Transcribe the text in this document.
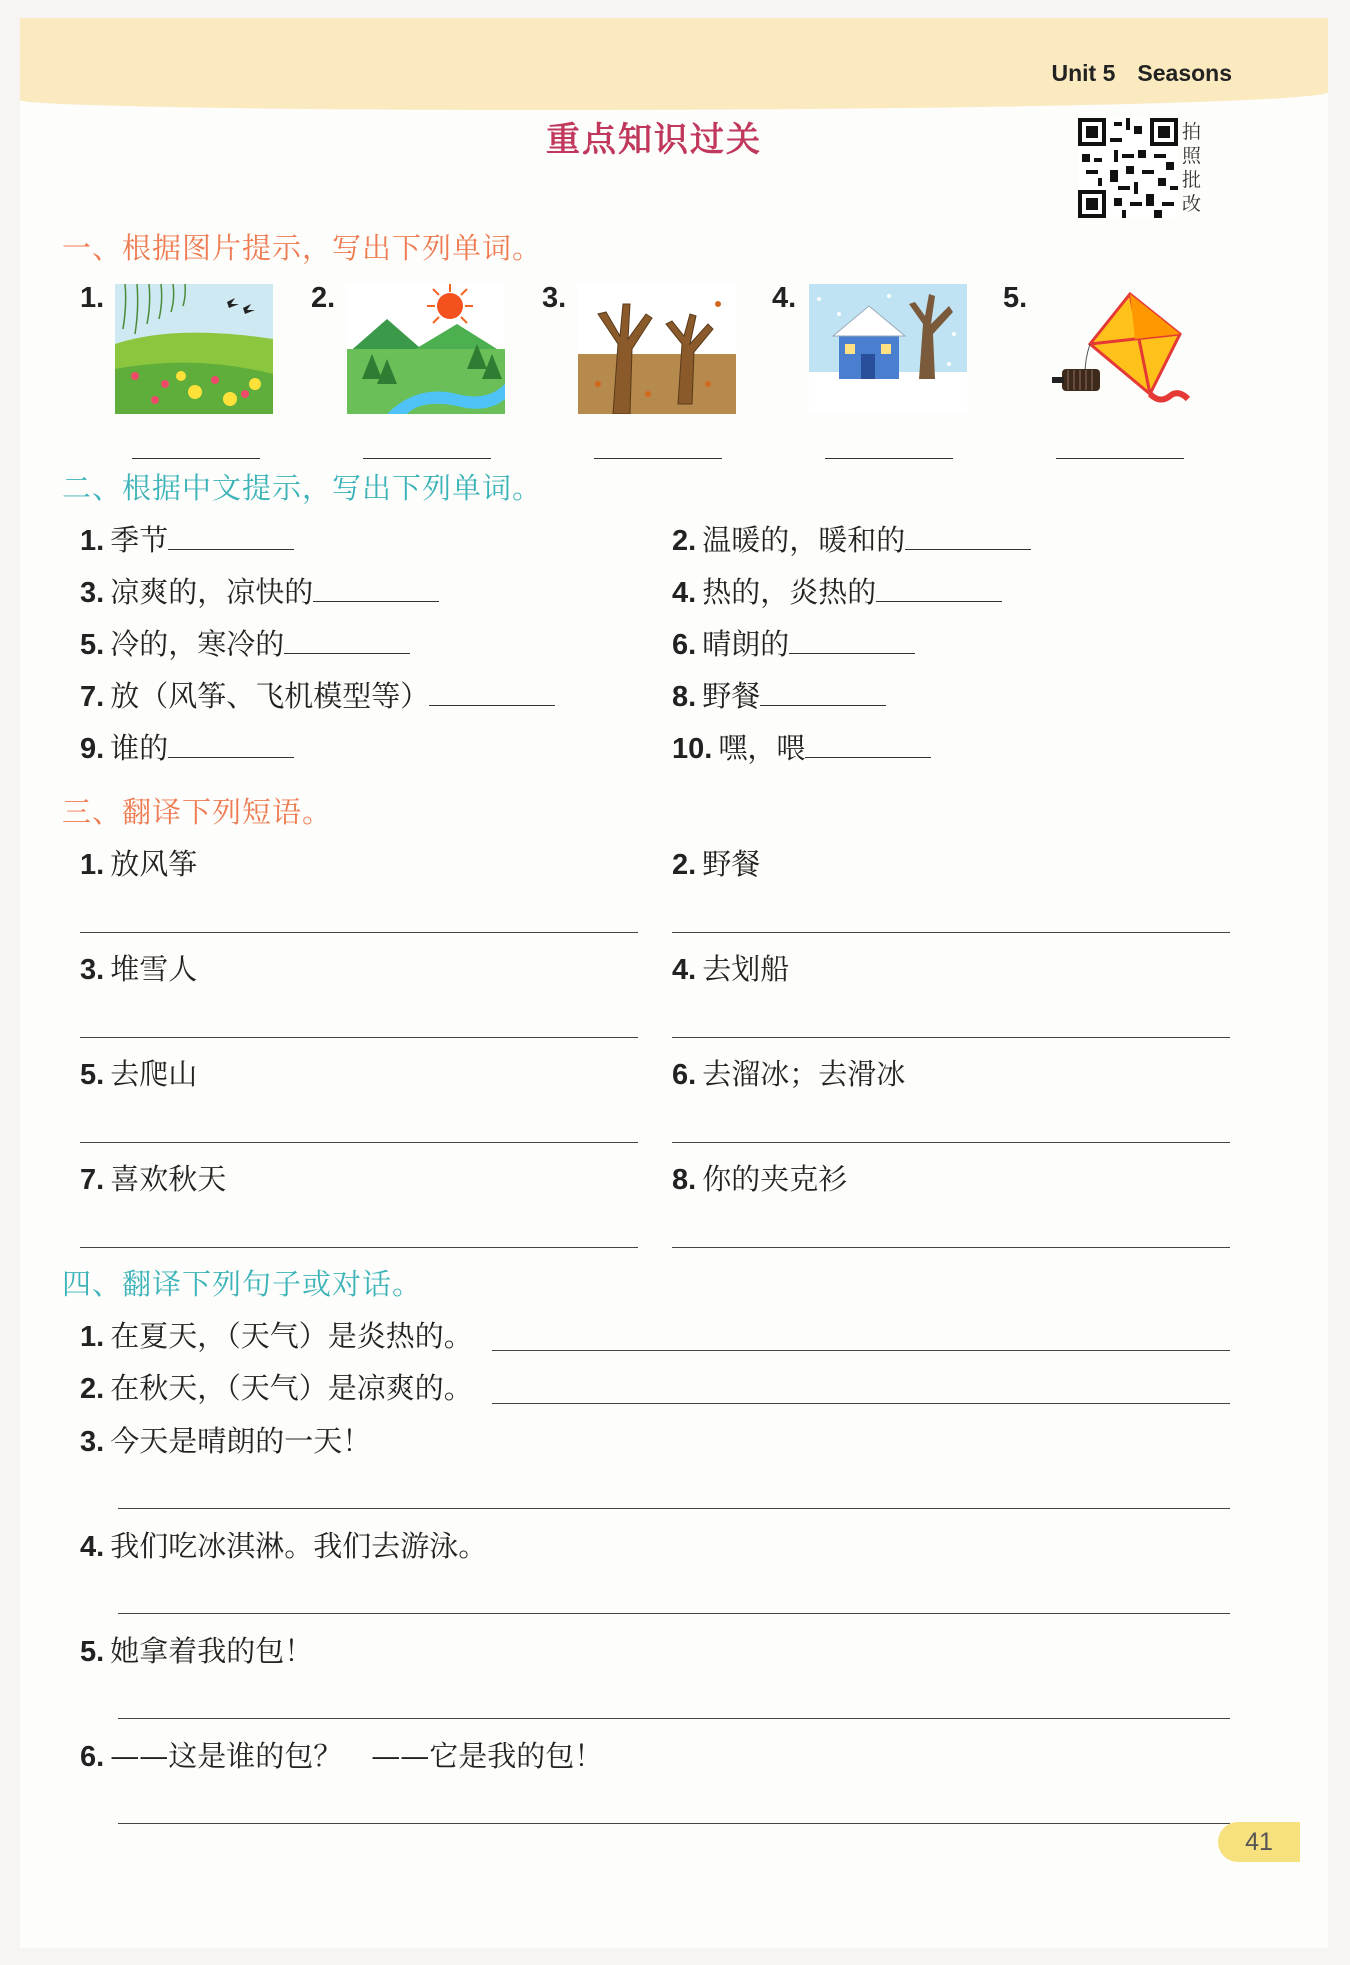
Unit 5 Seasons
重点知识过关	拍照批改
一、根据图片提示，写出下列单词。
1.	2.	3.	4.	5.
二、根据中文提示，写出下列单词。
1. 季节	2. 温暖的，暖和的
3. 凉爽的，凉快的	4. 热的，炎热的
5. 冷的，寒冷的	6. 晴朗的
7. 放（风筝、飞机模型等）	8. 野餐
9. 谁的	10. 嘿，喂
三、翻译下列短语。
1. 放风筝	2. 野餐
3. 堆雪人	4. 去划船
5. 去爬山	6. 去溜冰；去滑冰
7. 喜欢秋天	8. 你的夹克衫
四、翻译下列句子或对话。
1. 在夏天，（天气）是炎热的。
2. 在秋天，（天气）是凉爽的。
3. 今天是晴朗的一天！
4. 我们吃冰淇淋。我们去游泳。
5. 她拿着我的包！
6. ——这是谁的包？　——它是我的包！
41
